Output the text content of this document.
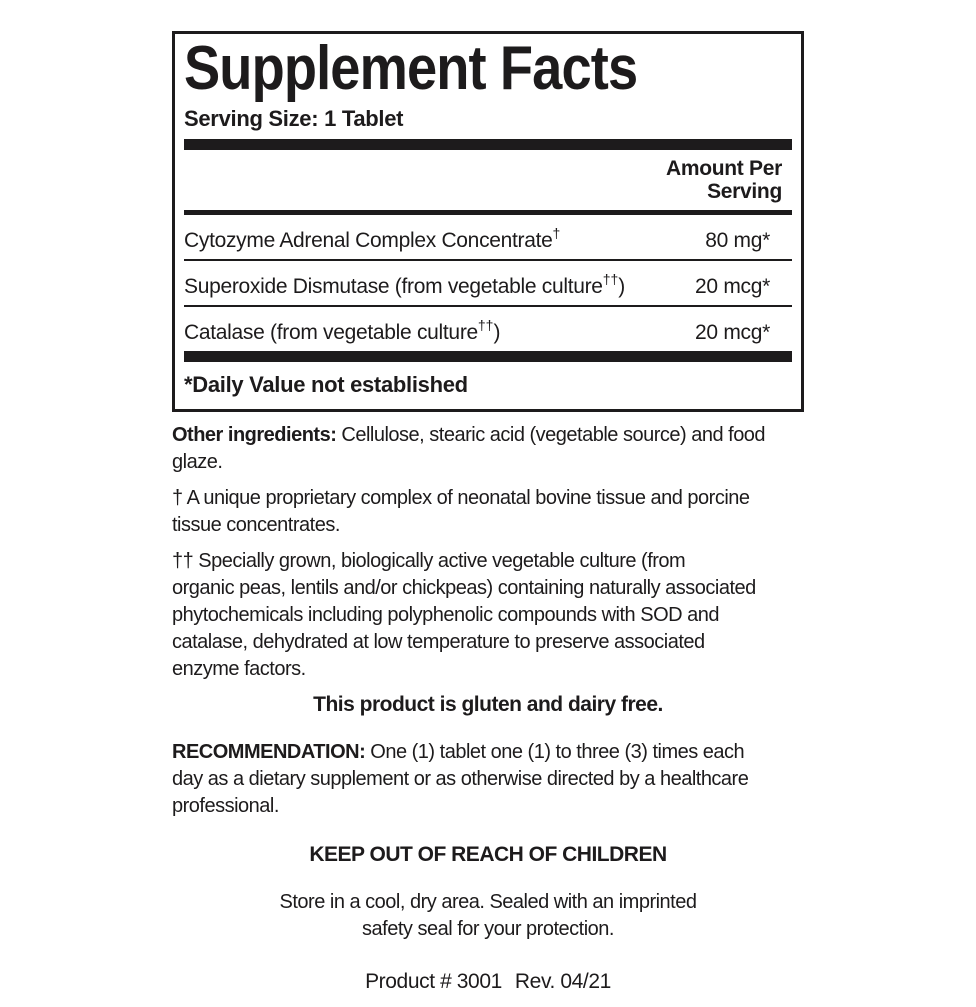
Supplement Facts
Serving Size: 1 Tablet
Amount Per
Serving
Cytozyme Adrenal Complex Concentrate†	80 mg*
Superoxide Dismutase (from vegetable culture††)	20 mcg*
Catalase (from vegetable culture††)	20 mcg*
*Daily Value not established

Other ingredients: Cellulose, stearic acid (vegetable source) and food
glaze.

† A unique proprietary complex of neonatal bovine tissue and porcine
tissue concentrates.

†† Specially grown, biologically active vegetable culture (from
organic peas, lentils and/or chickpeas) containing naturally associated
phytochemicals including polyphenolic compounds with SOD and
catalase, dehydrated at low temperature to preserve associated
enzyme factors.

This product is gluten and dairy free.

RECOMMENDATION: One (1) tablet one (1) to three (3) times each
day as a dietary supplement or as otherwise directed by a healthcare
professional.

KEEP OUT OF REACH OF CHILDREN

Store in a cool, dry area. Sealed with an imprinted
safety seal for your protection.

Product # 3001 Rev. 04/21
